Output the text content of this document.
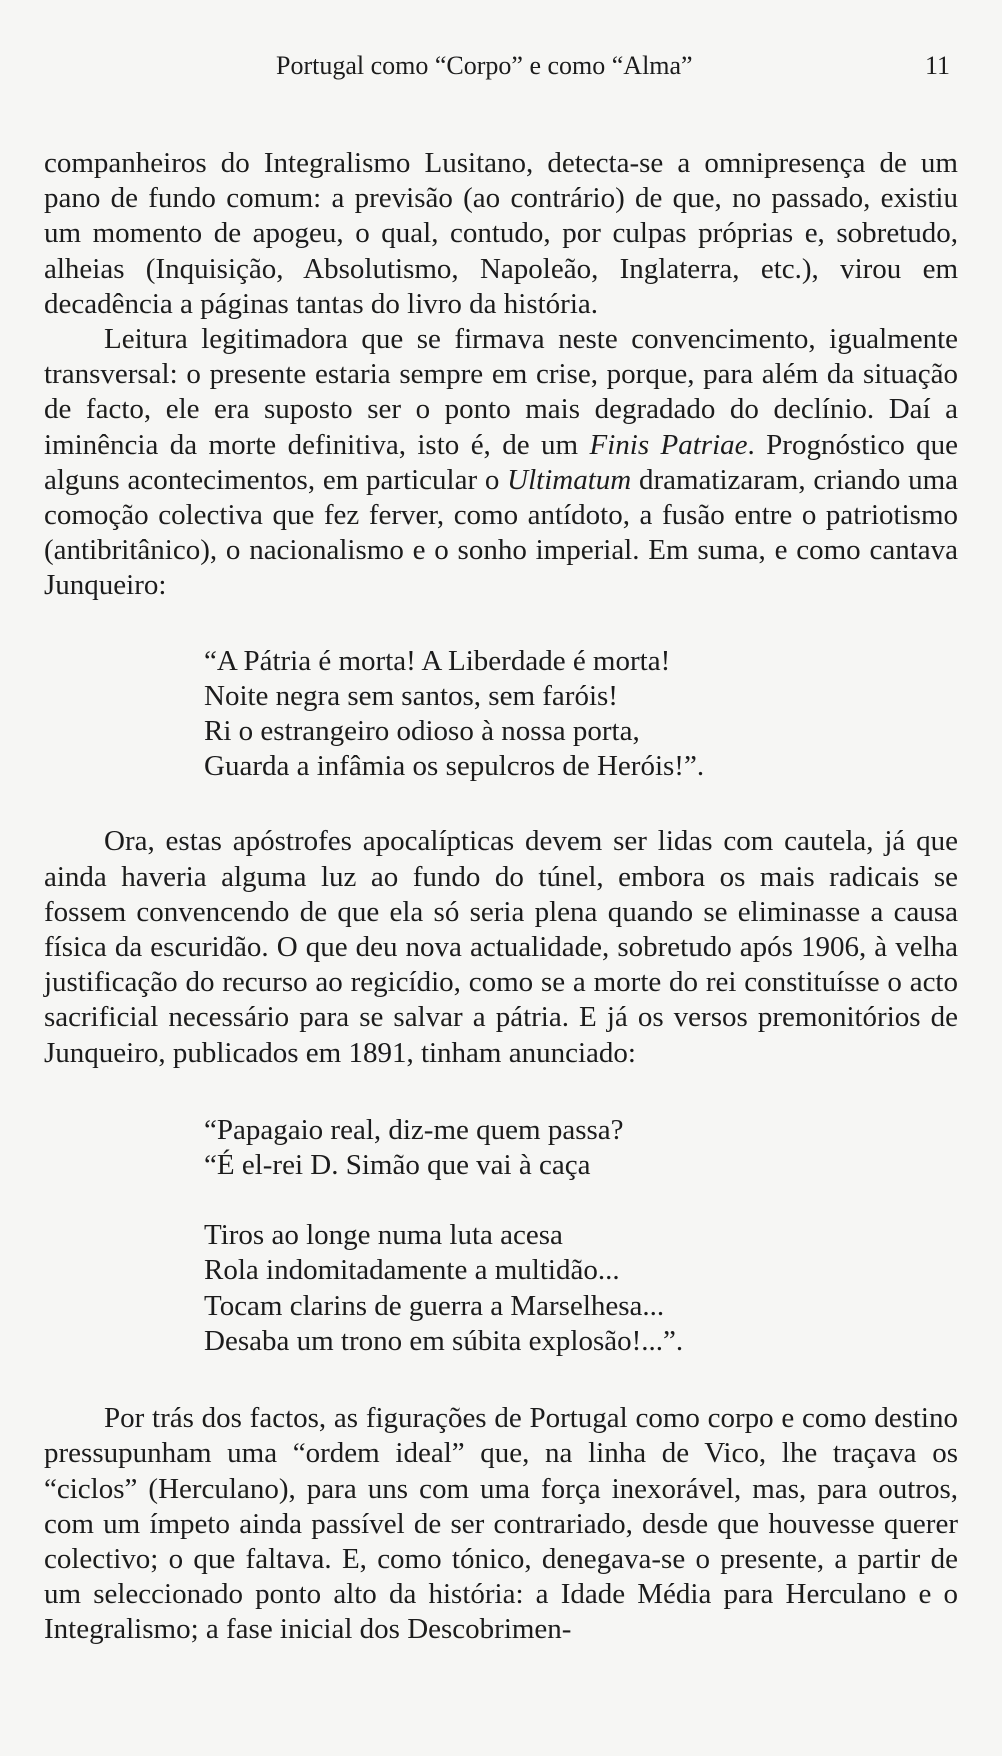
Portugal como “Corpo” e como “Alma”	11

companheiros do Integralismo Lusitano, detecta-se a omnipresença de um pano de fundo comum: a previsão (ao contrário) de que, no passado, existiu um momento de apogeu, o qual, contudo, por culpas próprias e, sobretudo, alheias (Inquisição, Absolutismo, Napoleão, Inglaterra, etc.), virou em decadência a páginas tantas do livro da história.

Leitura legitimadora que se firmava neste convencimento, igualmente transversal: o presente estaria sempre em crise, porque, para além da situação de facto, ele era suposto ser o ponto mais degradado do declínio. Daí a iminência da morte definitiva, isto é, de um Finis Patriae. Prognóstico que alguns acontecimentos, em particular o Ultimatum dramatizaram, criando uma comoção colectiva que fez ferver, como antídoto, a fusão entre o patriotismo (antibritânico), o nacionalismo e o sonho imperial. Em suma, e como cantava Junqueiro:

“A Pátria é morta! A Liberdade é morta!
Noite negra sem santos, sem faróis!
Ri o estrangeiro odioso à nossa porta,
Guarda a infâmia os sepulcros de Heróis!”.

Ora, estas apóstrofes apocalípticas devem ser lidas com cautela, já que ainda haveria alguma luz ao fundo do túnel, embora os mais radicais se fossem convencendo de que ela só seria plena quando se eliminasse a causa física da escuridão. O que deu nova actualidade, sobretudo após 1906, à velha justificação do recurso ao regicídio, como se a morte do rei constituísse o acto sacrificial necessário para se salvar a pátria. E já os versos premonitórios de Junqueiro, publicados em 1891, tinham anunciado:

“Papagaio real, diz-me quem passa?
“É el-rei D. Simão que vai à caça
Tiros ao longe numa luta acesa
Rola indomitadamente a multidão...
Tocam clarins de guerra a Marselhesa...
Desaba um trono em súbita explosão!...”.

Por trás dos factos, as figurações de Portugal como corpo e como destino pressupunham uma “ordem ideal” que, na linha de Vico, lhe traçava os “ciclos” (Herculano), para uns com uma força inexorável, mas, para outros, com um ímpeto ainda passível de ser contrariado, desde que houvesse querer colectivo; o que faltava. E, como tónico, denegava-se o presente, a partir de um seleccionado ponto alto da história: a Idade Média para Herculano e o Integralismo; a fase inicial dos Descobrimen-
